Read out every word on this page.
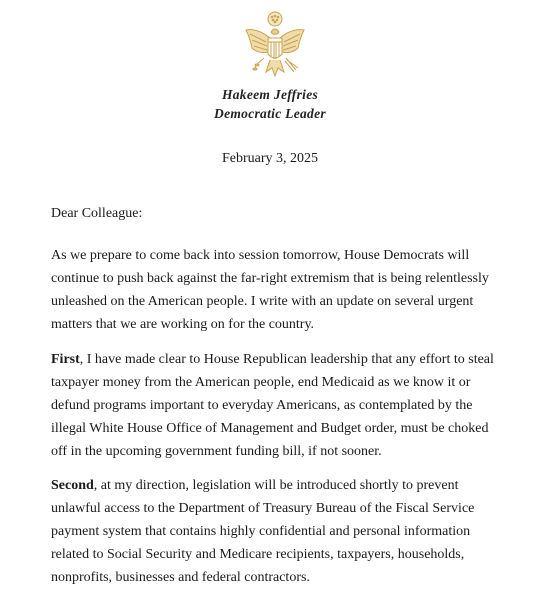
Hakeem Jeffries
Democratic Leader
February 3, 2025
Dear Colleague:
As we prepare to come back into session tomorrow, House Democrats will
continue to push back against the far-right extremism that is being relentlessly
unleashed on the American people. I write with an update on several urgent
matters that we are working on for the country.
First, I have made clear to House Republican leadership that any effort to steal
taxpayer money from the American people, end Medicaid as we know it or
defund programs important to everyday Americans, as contemplated by the
illegal White House Office of Management and Budget order, must be choked
off in the upcoming government funding bill, if not sooner.
Second, at my direction, legislation will be introduced shortly to prevent
unlawful access to the Department of Treasury Bureau of the Fiscal Service
payment system that contains highly confidential and personal information
related to Social Security and Medicare recipients, taxpayers, households,
nonprofits, businesses and federal contractors.
